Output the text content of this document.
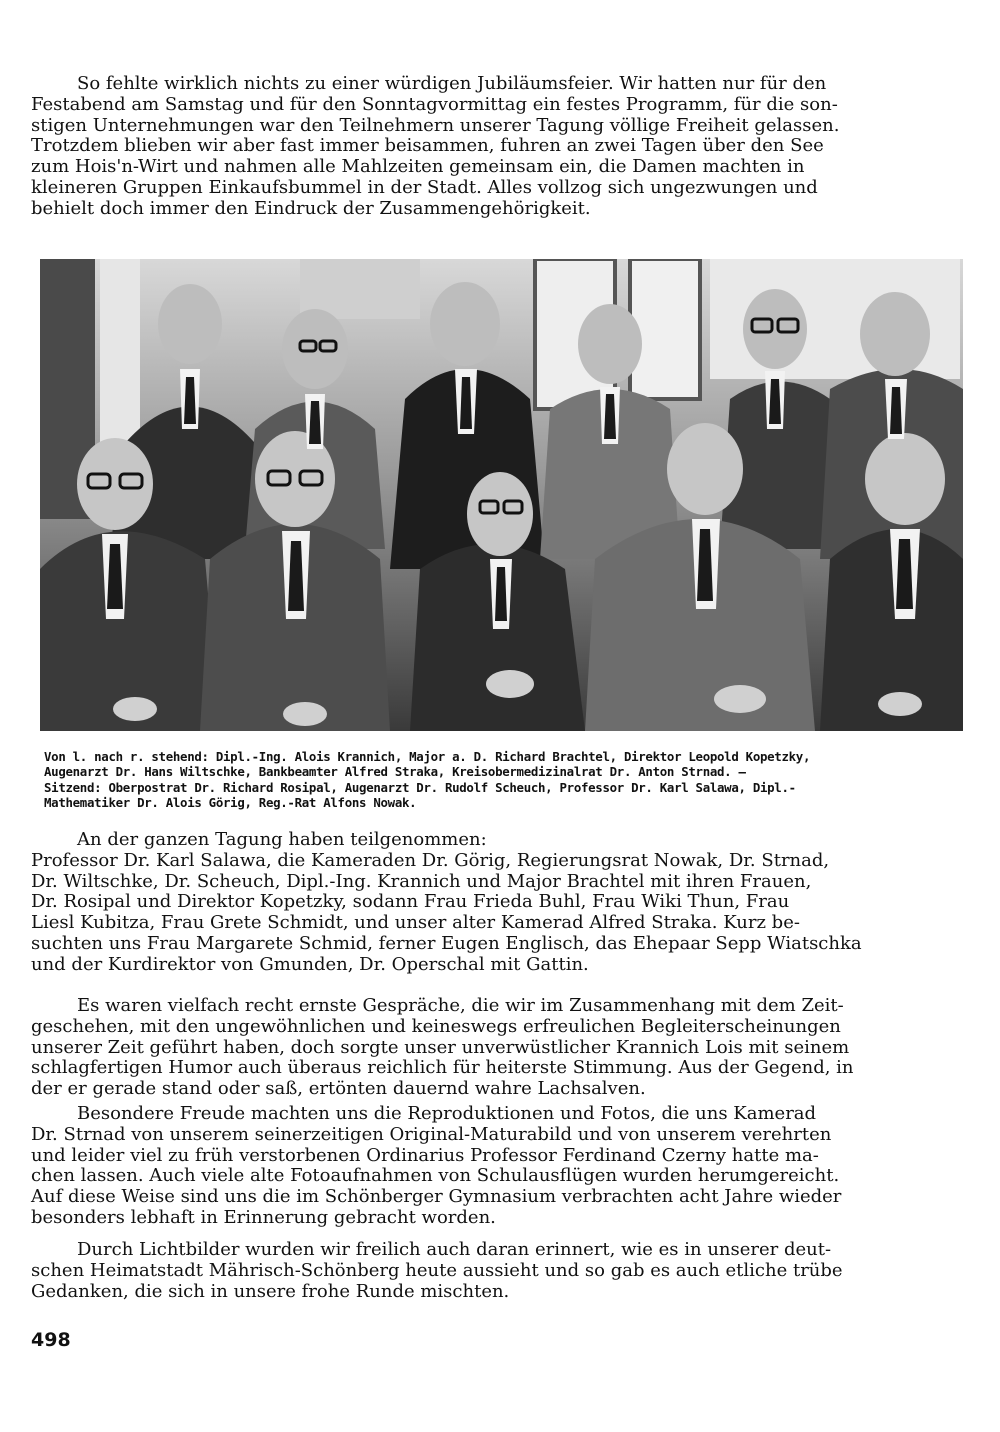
So fehlte wirklich nichts zu einer würdigen Jubiläumsfeier. Wir hatten nur für den
Festabend am Samstag und für den Sonntagvormittag ein festes Programm, für die son-
stigen Unternehmungen war den Teilnehmern unserer Tagung völlige Freiheit gelassen.
Trotzdem blieben wir aber fast immer beisammen, fuhren an zwei Tagen über den See
zum Hois'n-Wirt und nahmen alle Mahlzeiten gemeinsam ein, die Damen machten in
kleineren Gruppen Einkaufsbummel in der Stadt. Alles vollzog sich ungezwungen und
behielt doch immer den Eindruck der Zusammengehörigkeit.
Von l. nach r. stehend: Dipl.-Ing. Alois Krannich, Major a. D. Richard Brachtel, Direktor Leopold Kopetzky,
Augenarzt Dr. Hans Wiltschke, Bankbeamter Alfred Straka, Kreisobermedizinalrat Dr. Anton Strnad. —
Sitzend: Oberpostrat Dr. Richard Rosipal, Augenarzt Dr. Rudolf Scheuch, Professor Dr. Karl Salawa, Dipl.-
Mathematiker Dr. Alois Görig, Reg.-Rat Alfons Nowak.
An der ganzen Tagung haben teilgenommen:
Professor Dr. Karl Salawa, die Kameraden Dr. Görig, Regierungsrat Nowak, Dr. Strnad,
Dr. Wiltschke, Dr. Scheuch, Dipl.-Ing. Krannich und Major Brachtel mit ihren Frauen,
Dr. Rosipal und Direktor Kopetzky, sodann Frau Frieda Buhl, Frau Wiki Thun, Frau
Liesl Kubitza, Frau Grete Schmidt, und unser alter Kamerad Alfred Straka. Kurz be-
suchten uns Frau Margarete Schmid, ferner Eugen Englisch, das Ehepaar Sepp Wiatschka
und der Kurdirektor von Gmunden, Dr. Operschal mit Gattin.
Es waren vielfach recht ernste Gespräche, die wir im Zusammenhang mit dem Zeit-
geschehen, mit den ungewöhnlichen und keineswegs erfreulichen Begleiterscheinungen
unserer Zeit geführt haben, doch sorgte unser unverwüstlicher Krannich Lois mit seinem
schlagfertigen Humor auch überaus reichlich für heiterste Stimmung. Aus der Gegend, in
der er gerade stand oder saß, ertönten dauernd wahre Lachsalven.
Besondere Freude machten uns die Reproduktionen und Fotos, die uns Kamerad
Dr. Strnad von unserem seinerzeitigen Original-Maturabild und von unserem verehrten
und leider viel zu früh verstorbenen Ordinarius Professor Ferdinand Czerny hatte ma-
chen lassen. Auch viele alte Fotoaufnahmen von Schulausflügen wurden herumgereicht.
Auf diese Weise sind uns die im Schönberger Gymnasium verbrachten acht Jahre wieder
besonders lebhaft in Erinnerung gebracht worden.
Durch Lichtbilder wurden wir freilich auch daran erinnert, wie es in unserer deut-
schen Heimatstadt Mährisch-Schönberg heute aussieht und so gab es auch etliche trübe
Gedanken, die sich in unsere frohe Runde mischten.
498
